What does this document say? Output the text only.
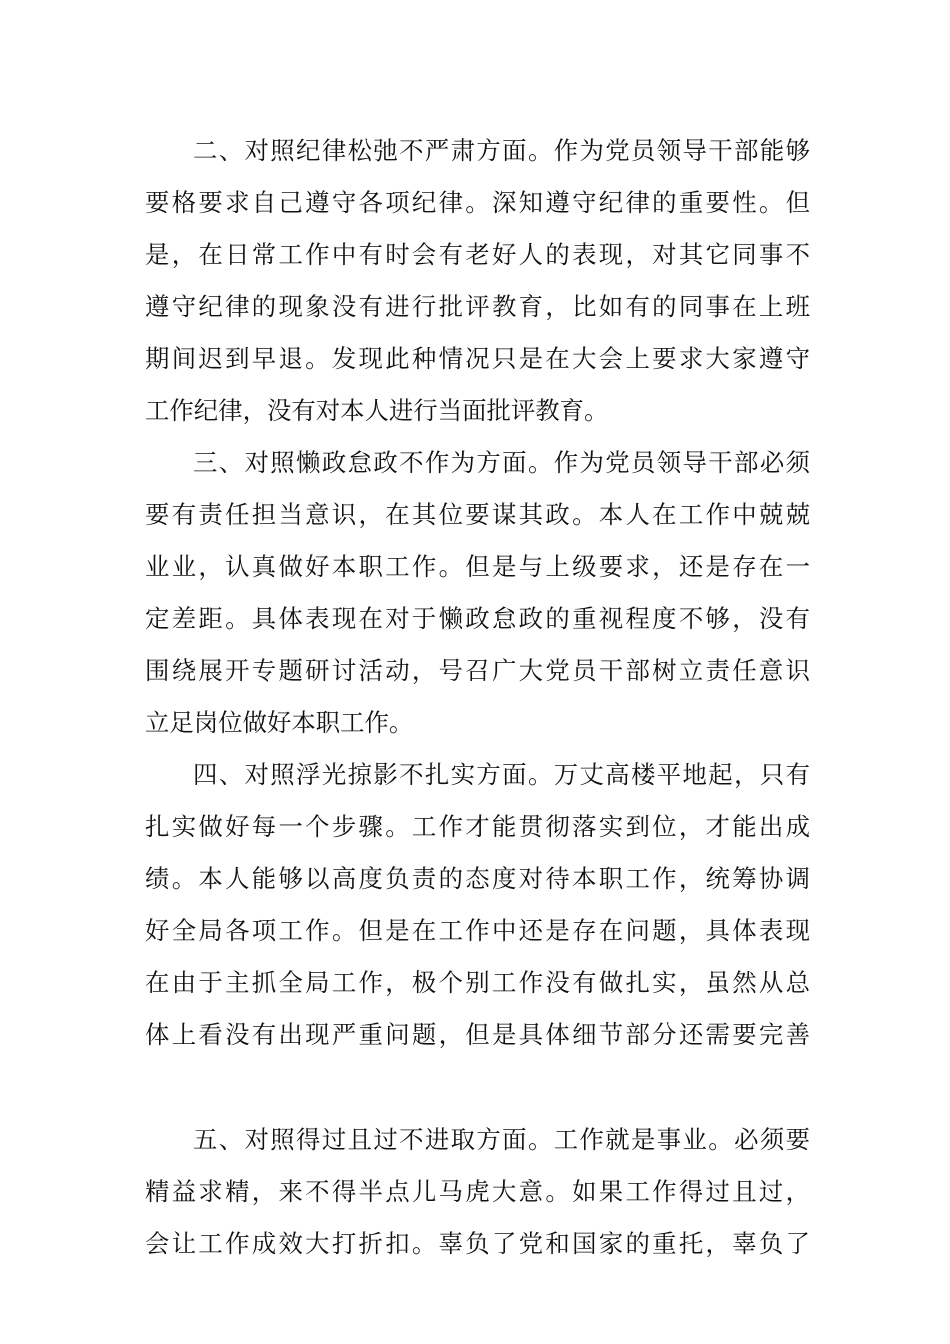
二、对照纪律松弛不严肃方面。作为党员领导干部能够
要格要求自己遵守各项纪律。深知遵守纪律的重要性。但
是，在日常工作中有时会有老好人的表现，对其它同事不
遵守纪律的现象没有进行批评教育，比如有的同事在上班
期间迟到早退。发现此种情况只是在大会上要求大家遵守
工作纪律，没有对本人进行当面批评教育。
三、对照懒政怠政不作为方面。作为党员领导干部必须
要有责任担当意识，在其位要谋其政。本人在工作中兢兢
业业，认真做好本职工作。但是与上级要求，还是存在一
定差距。具体表现在对于懒政怠政的重视程度不够，没有
围绕展开专题研讨活动，号召广大党员干部树立责任意识
立足岗位做好本职工作。
四、对照浮光掠影不扎实方面。万丈高楼平地起，只有
扎实做好每一个步骤。工作才能贯彻落实到位，才能出成
绩。本人能够以高度负责的态度对待本职工作，统筹协调
好全局各项工作。但是在工作中还是存在问题，具体表现
在由于主抓全局工作，极个别工作没有做扎实，虽然从总
体上看没有出现严重问题，但是具体细节部分还需要完善
五、对照得过且过不进取方面。工作就是事业。必须要
精益求精，来不得半点儿马虎大意。如果工作得过且过，
会让工作成效大打折扣。辜负了党和国家的重托，辜负了
